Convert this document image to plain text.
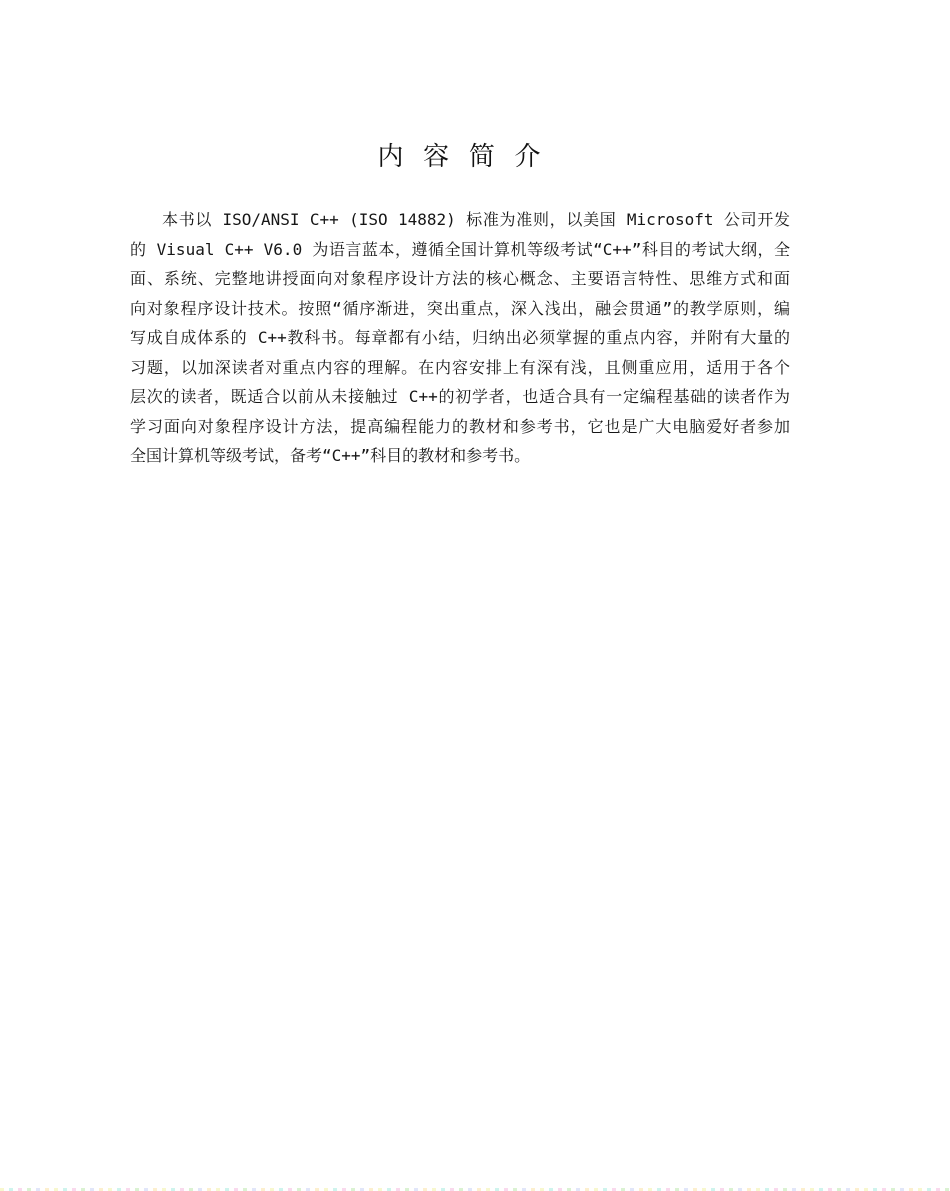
内 容 简 介
本书以 ISO/ANSI C++ (ISO 14882) 标准为准则，以美国 Microsoft 公司开发
的 Visual C++ V6.0 为语言蓝本，遵循全国计算机等级考试“C++”科目的考试大纲，全
面、系统、完整地讲授面向对象程序设计方法的核心概念、主要语言特性、思维方式和面
向对象程序设计技术。按照“循序渐进，突出重点，深入浅出，融会贯通”的教学原则，编
写成自成体系的 C++教科书。每章都有小结，归纳出必须掌握的重点内容，并附有大量的
习题，以加深读者对重点内容的理解。在内容安排上有深有浅，且侧重应用，适用于各个
层次的读者，既适合以前从未接触过 C++的初学者，也适合具有一定编程基础的读者作为
学习面向对象程序设计方法，提高编程能力的教材和参考书，它也是广大电脑爱好者参加
全国计算机等级考试，备考“C++”科目的教材和参考书。
